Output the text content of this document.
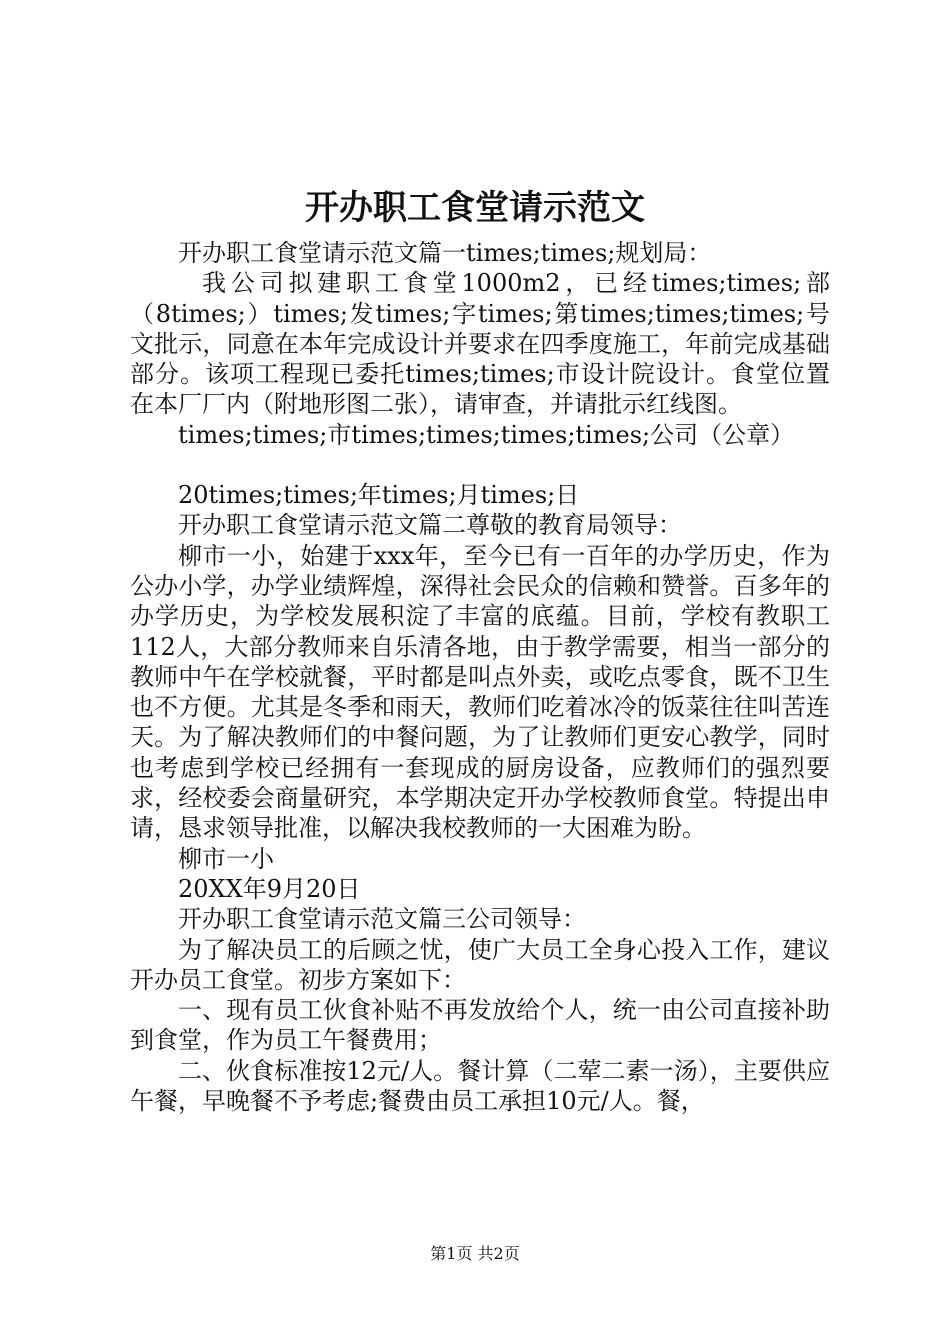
开办职工食堂请示范文

开办职工食堂请示范文篇一times;times;规划局：

我公司拟建职工食堂1000m2，已经times;times;部（8times;）times;发times;字times;第times;times;times;号文批示，同意在本年完成设计并要求在四季度施工，年前完成基础部分。该项工程现已委托times;times;市设计院设计。食堂位置在本厂厂内（附地形图二张），请审查，并请批示红线图。

times;times;市times;times;times;times;公司（公章）

20times;times;年times;月times;日

开办职工食堂请示范文篇二尊敬的教育局领导：

柳市一小，始建于xxx年，至今已有一百年的办学历史，作为公办小学，办学业绩辉煌，深得社会民众的信赖和赞誉。百多年的办学历史，为学校发展积淀了丰富的底蕴。目前，学校有教职工112人，大部分教师来自乐清各地，由于教学需要，相当一部分的教师中午在学校就餐，平时都是叫点外卖，或吃点零食，既不卫生也不方便。尤其是冬季和雨天，教师们吃着冰冷的饭菜往往叫苦连天。为了解决教师们的中餐问题，为了让教师们更安心教学，同时也考虑到学校已经拥有一套现成的厨房设备，应教师们的强烈要求，经校委会商量研究，本学期决定开办学校教师食堂。特提出申请，恳求领导批准，以解决我校教师的一大困难为盼。

柳市一小

20XX年9月20日

开办职工食堂请示范文篇三公司领导：

为了解决员工的后顾之忧，使广大员工全身心投入工作，建议开办员工食堂。初步方案如下：

一、现有员工伙食补贴不再发放给个人，统一由公司直接补助到食堂，作为员工午餐费用；

二、伙食标准按12元/人。餐计算（二荤二素一汤），主要供应午餐，早晚餐不予考虑;餐费由员工承担10元/人。餐，

第1页 共2页
